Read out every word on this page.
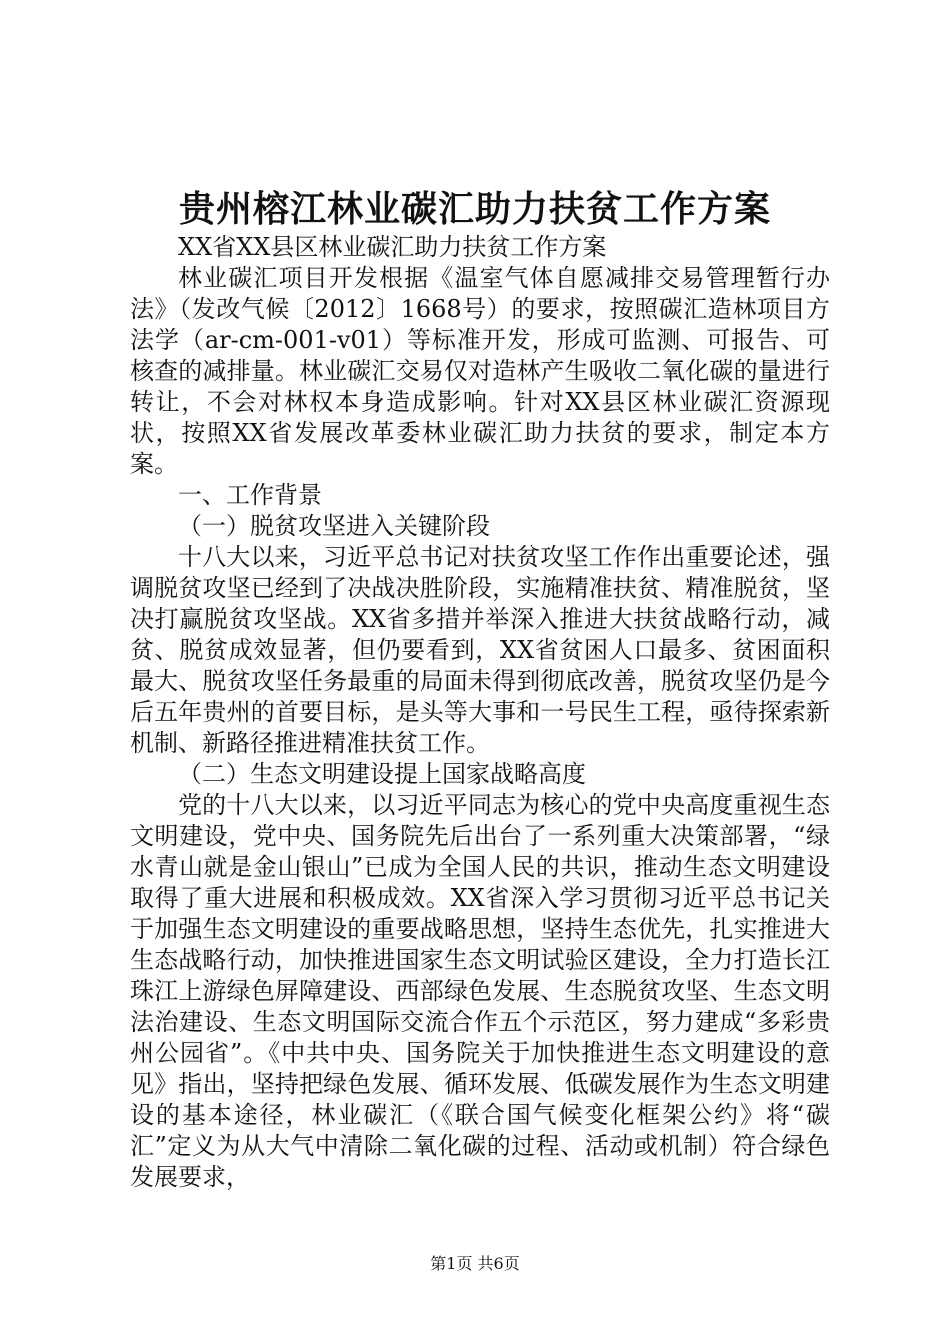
贵州榕江林业碳汇助力扶贫工作方案

XX省XX县区林业碳汇助力扶贫工作方案

林业碳汇项目开发根据《温室气体自愿减排交易管理暂行办法》（发改气候〔2012〕1668号）的要求，按照碳汇造林项目方法学（ar-cm-001-v01）等标准开发，形成可监测、可报告、可核查的减排量。林业碳汇交易仅对造林产生吸收二氧化碳的量进行转让，不会对林权本身造成影响。针对XX县区林业碳汇资源现状，按照XX省发展改革委林业碳汇助力扶贫的要求，制定本方案。

一、工作背景

（一）脱贫攻坚进入关键阶段

十八大以来，习近平总书记对扶贫攻坚工作作出重要论述，强调脱贫攻坚已经到了决战决胜阶段，实施精准扶贫、精准脱贫，坚决打赢脱贫攻坚战。XX省多措并举深入推进大扶贫战略行动，减贫、脱贫成效显著，但仍要看到，XX省贫困人口最多、贫困面积最大、脱贫攻坚任务最重的局面未得到彻底改善，脱贫攻坚仍是今后五年贵州的首要目标，是头等大事和一号民生工程，亟待探索新机制、新路径推进精准扶贫工作。

（二）生态文明建设提上国家战略高度

党的十八大以来，以习近平同志为核心的党中央高度重视生态文明建设，党中央、国务院先后出台了一系列重大决策部署，“绿水青山就是金山银山”已成为全国人民的共识，推动生态文明建设取得了重大进展和积极成效。XX省深入学习贯彻习近平总书记关于加强生态文明建设的重要战略思想，坚持生态优先，扎实推进大生态战略行动，加快推进国家生态文明试验区建设，全力打造长江珠江上游绿色屏障建设、西部绿色发展、生态脱贫攻坚、生态文明法治建设、生态文明国际交流合作五个示范区，努力建成“多彩贵州公园省”。《中共中央、国务院关于加快推进生态文明建设的意见》指出，坚持把绿色发展、循环发展、低碳发展作为生态文明建设的基本途径，林业碳汇（《联合国气候变化框架公约》将“碳汇”定义为从大气中清除二氧化碳的过程、活动或机制）符合绿色发展要求，

第1页 共6页
